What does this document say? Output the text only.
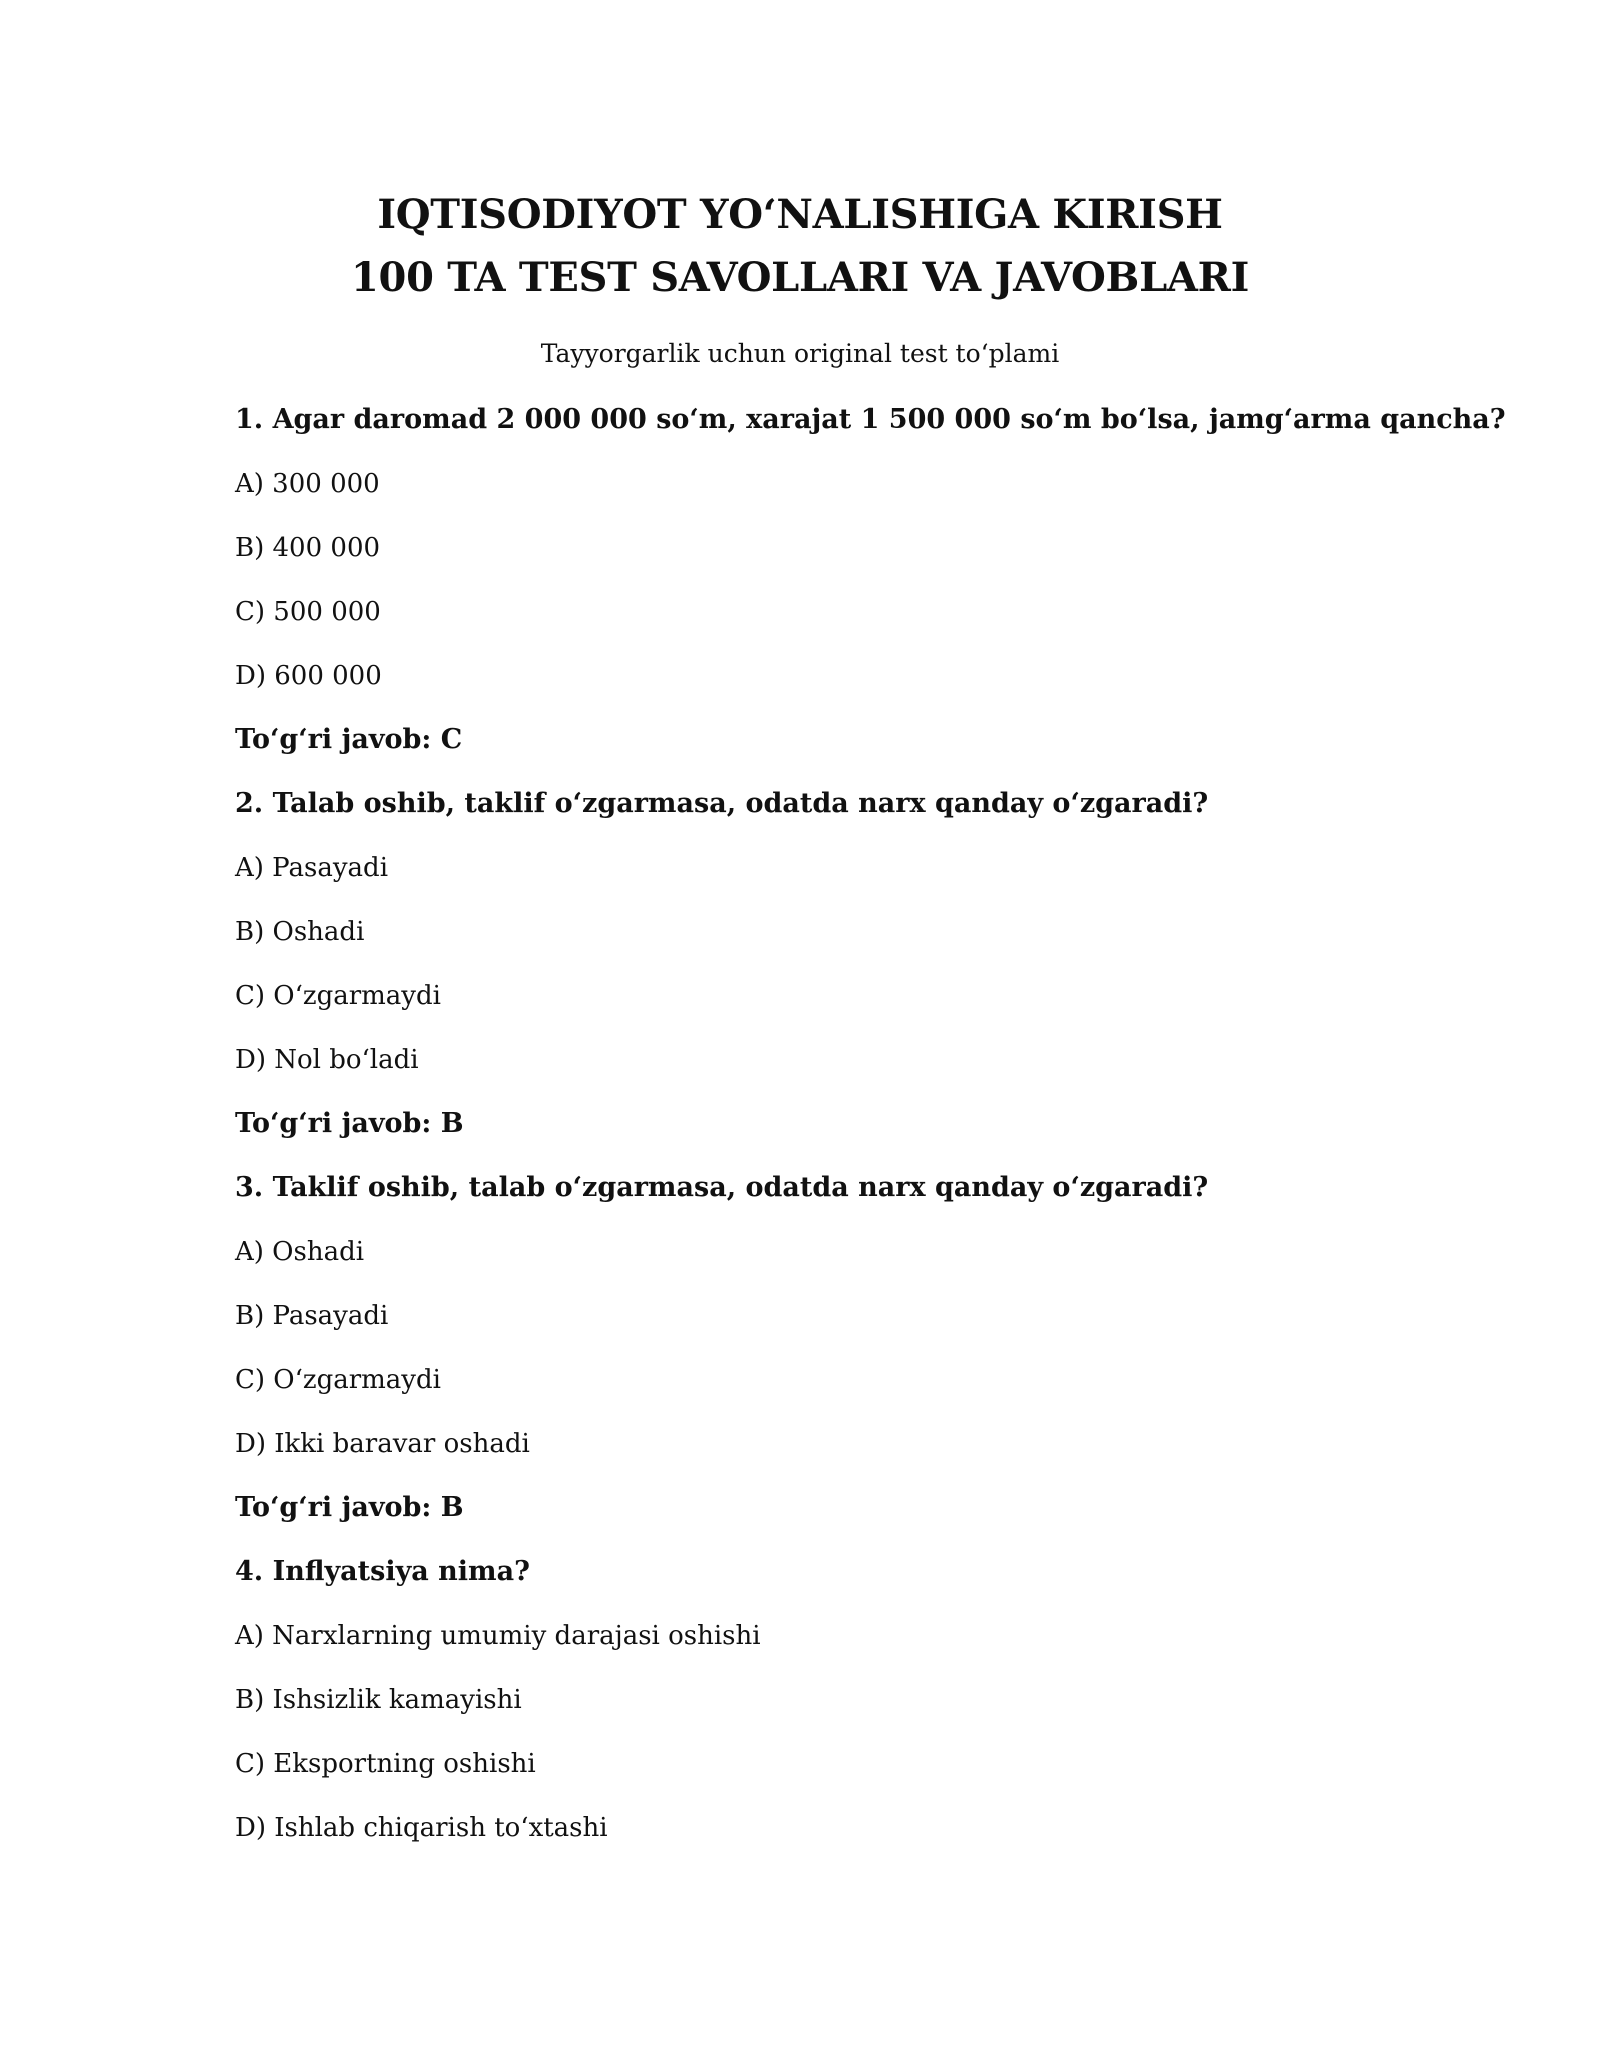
IQTISODIYOT YO‘NALISHIGA KIRISH
100 TA TEST SAVOLLARI VA JAVOBLARI
Tayyorgarlik uchun original test to‘plami
1. Agar daromad 2 000 000 so‘m, xarajat 1 500 000 so‘m bo‘lsa, jamg‘arma qancha?
A) 300 000
B) 400 000
C) 500 000
D) 600 000
To‘g‘ri javob: C
2. Talab oshib, taklif o‘zgarmasa, odatda narx qanday o‘zgaradi?
A) Pasayadi
B) Oshadi
C) O‘zgarmaydi
D) Nol bo‘ladi
To‘g‘ri javob: B
3. Taklif oshib, talab o‘zgarmasa, odatda narx qanday o‘zgaradi?
A) Oshadi
B) Pasayadi
C) O‘zgarmaydi
D) Ikki baravar oshadi
To‘g‘ri javob: B
4. Inflyatsiya nima?
A) Narxlarning umumiy darajasi oshishi
B) Ishsizlik kamayishi
C) Eksportning oshishi
D) Ishlab chiqarish to‘xtashi
